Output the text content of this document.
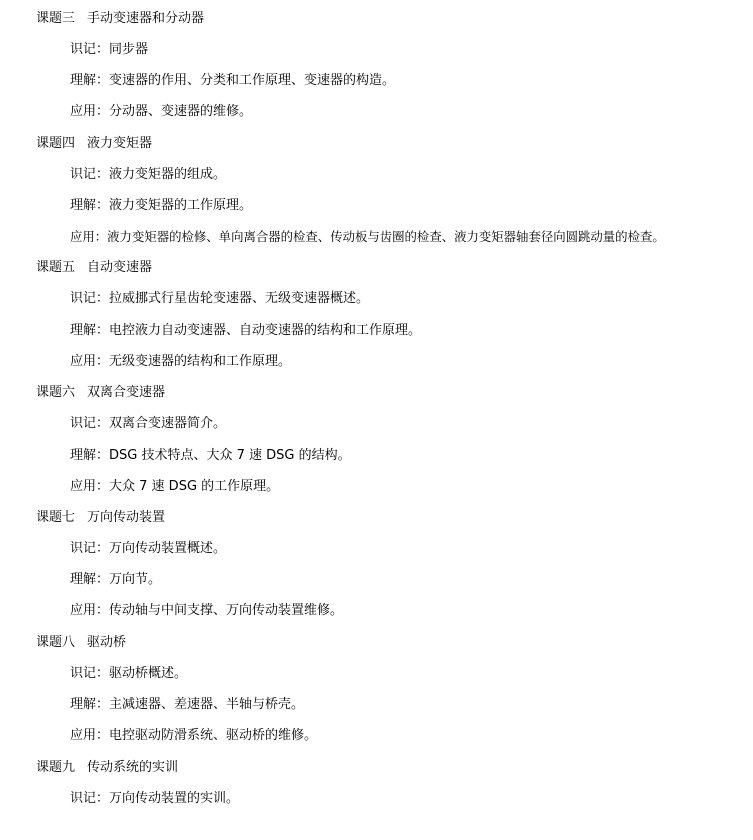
课题三 手动变速器和分动器
识记：同步器
理解：变速器的作用、分类和工作原理、变速器的构造。
应用：分动器、变速器的维修。
课题四 液力变矩器
识记：液力变矩器的组成。
理解：液力变矩器的工作原理。
应用：液力变矩器的检修、单向离合器的检查、传动板与齿圈的检查、液力变矩器轴套径向圆跳动量的检查。
课题五 自动变速器
识记：拉威挪式行星齿轮变速器、无级变速器概述。
理解：电控液力自动变速器、自动变速器的结构和工作原理。
应用：无级变速器的结构和工作原理。
课题六 双离合变速器
识记：双离合变速器简介。
理解：DSG 技术特点、大众 7 速 DSG 的结构。
应用：大众 7 速 DSG 的工作原理。
课题七 万向传动装置
识记：万向传动装置概述。
理解：万向节。
应用：传动轴与中间支撑、万向传动装置维修。
课题八 驱动桥
识记：驱动桥概述。
理解：主减速器、差速器、半轴与桥壳。
应用：电控驱动防滑系统、驱动桥的维修。
课题九 传动系统的实训
识记：万向传动装置的实训。
